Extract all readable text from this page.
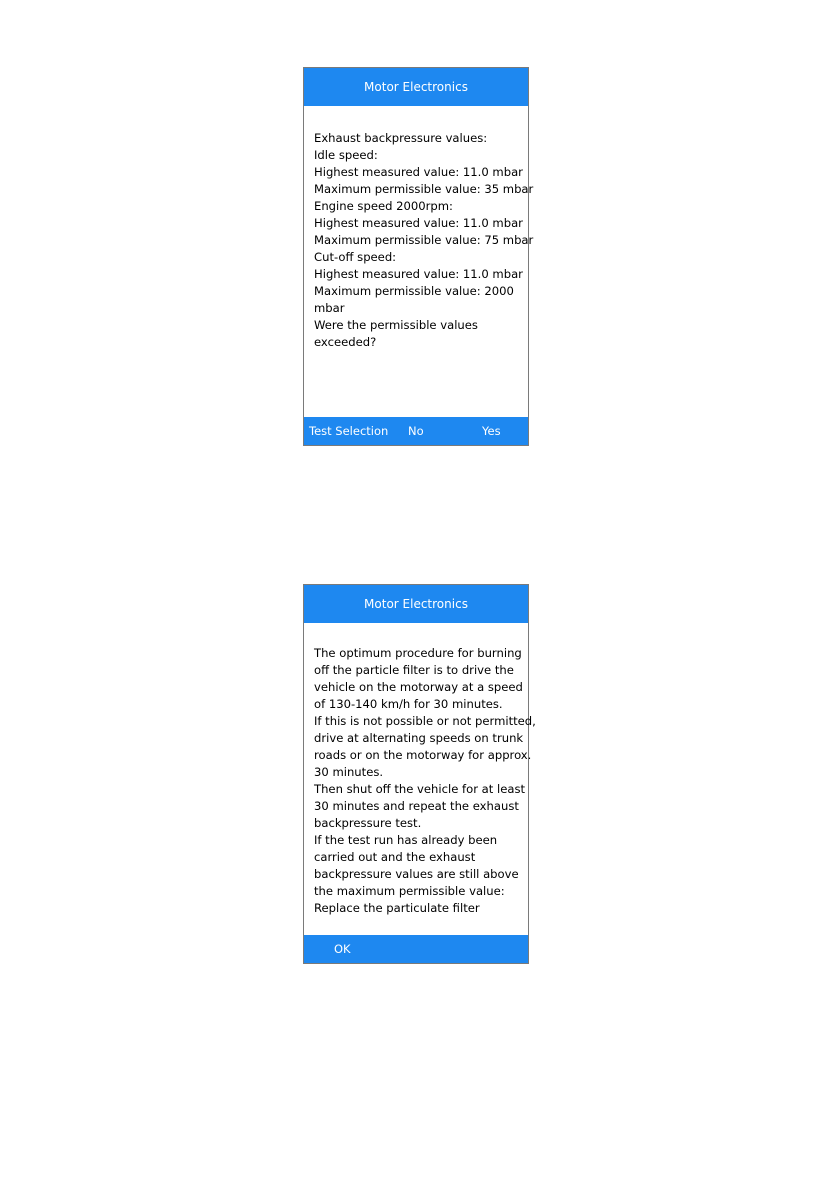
Motor Electronics
Exhaust backpressure values:
Idle speed:
Highest measured value: 11.0 mbar
Maximum permissible value: 35 mbar
Engine speed 2000rpm:
Highest measured value: 11.0 mbar
Maximum permissible value: 75 mbar
Cut-off speed:
Highest measured value: 11.0 mbar
Maximum permissible value: 2000
mbar
Were the permissible values
exceeded?
Test Selection No	Yes
Motor Electronics
The optimum procedure for burning
off the particle filter is to drive the
vehicle on the motorway at a speed
of 130-140 km/h for 30 minutes.
If this is not possible or not permitted,
drive at alternating speeds on trunk
roads or on the motorway for approx.
30 minutes.
Then shut off the vehicle for at least
30 minutes and repeat the exhaust
backpressure test.
If the test run has already been
carried out and the exhaust
backpressure values are still above
the maximum permissible value:
Replace the particulate filter
OK
